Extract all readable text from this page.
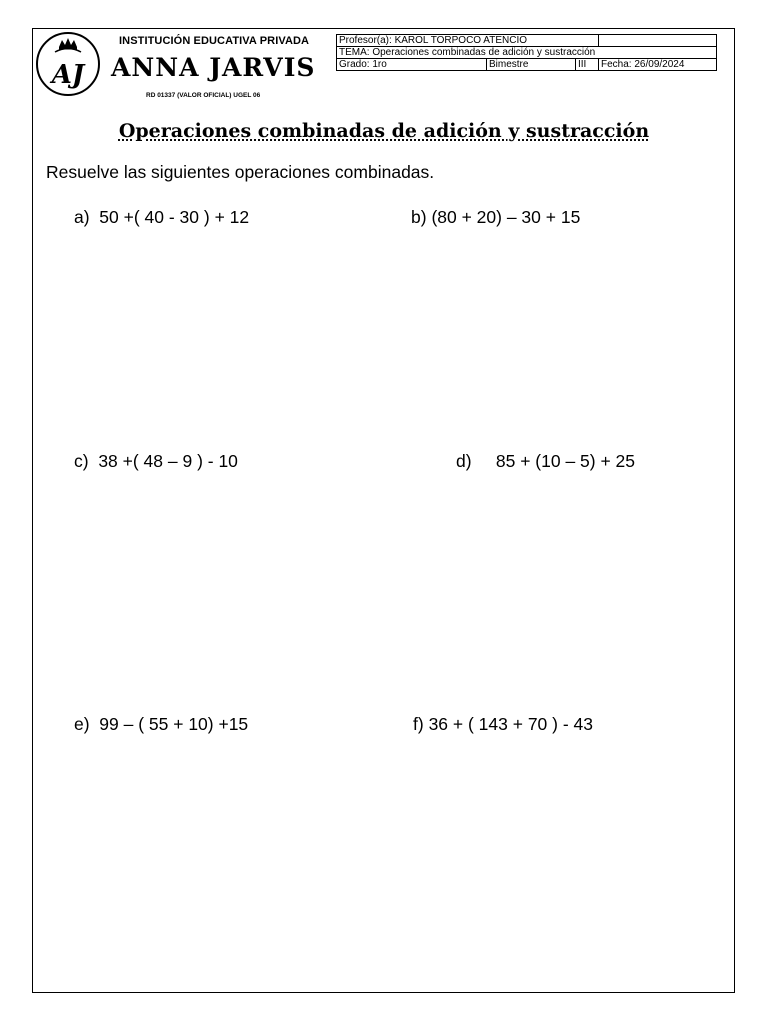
AJ
INSTITUCIÓN EDUCATIVA PRIVADA
ANNA JARVIS
RD 01337 (VALOR OFICIAL) UGEL 06
Profesor(a): KAROL TORPOCO ATENCIO			
TEMA: Operaciones combinadas de adición y sustracción			
Grado: 1ro	Bimestre	III	Fecha: 26/09/2024
Operaciones combinadas de adición y sustracción
Resuelve las siguientes operaciones combinadas.
a) 50 +( 40 - 30 ) + 12	b) (80 + 20) – 30 + 15
c) 38 +( 48 – 9 ) - 10	d) 85 + (10 – 5) + 25
e) 99 – ( 55 + 10) +15	f) 36 + ( 143 + 70 ) - 43
